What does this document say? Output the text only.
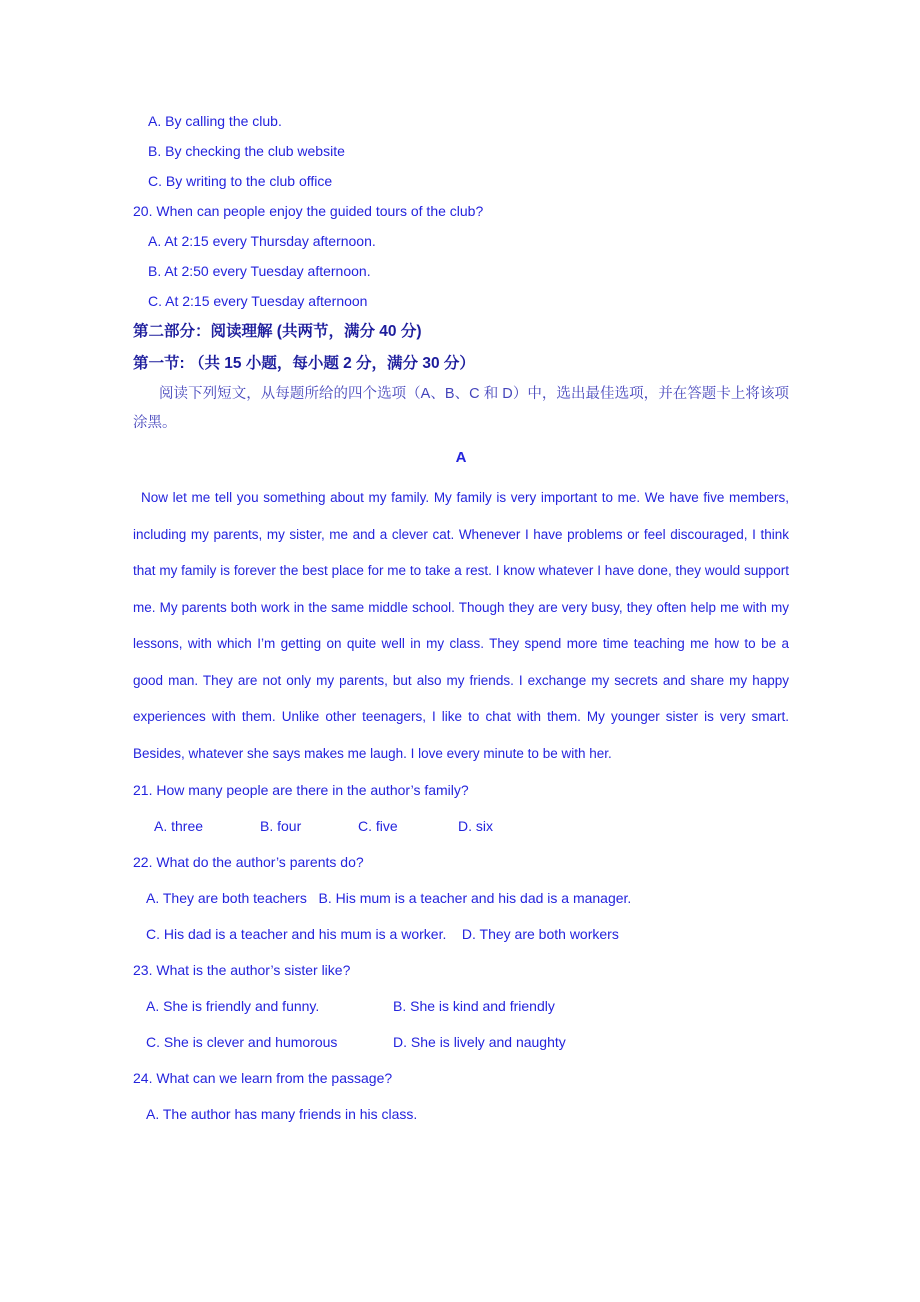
A. By calling the club.
B. By checking the club website
C. By writing to the club office
20. When can people enjoy the guided tours of the club?
A. At 2:15 every Thursday afternoon.
B. At 2:50 every Tuesday afternoon.
C. At 2:15 every Tuesday afternoon
第二部分：阅读理解 (共两节，满分 40 分)
第一节: （共 15 小题，每小题 2 分，满分 30 分）
阅读下列短文，从每题所给的四个选项（A、B、C 和 D）中，选出最佳选项，并在答题卡上将该项涂黑。
A
Now let me tell you something about my family. My family is very important to me. We have five members, including my parents, my sister, me and a clever cat. Whenever I have problems or feel discouraged, I think that my family is forever the best place for me to take a rest. I know whatever I have done, they would support me. My parents both work in the same middle school. Though they are very busy, they often help me with my lessons, with which I’m getting on quite well in my class. They spend more time teaching me how to be a good man. They are not only my parents, but also my friends. I exchange my secrets and share my happy experiences with them. Unlike other teenagers, I like to chat with them. My younger sister is very smart. Besides, whatever she says makes me laugh. I love every minute to be with her.
21. How many people are there in the author’s family?
A. three	B. four	C. five	D. six
22. What do the author’s parents do?
A. They are both teachers   B. His mum is a teacher and his dad is a manager.
C. His dad is a teacher and his mum is a worker.    D. They are both workers
23. What is the author’s sister like?
A. She is friendly and funny.	B. She is kind and friendly
C. She is clever and humorous	D. She is lively and naughty
24. What can we learn from the passage?
A. The author has many friends in his class.
